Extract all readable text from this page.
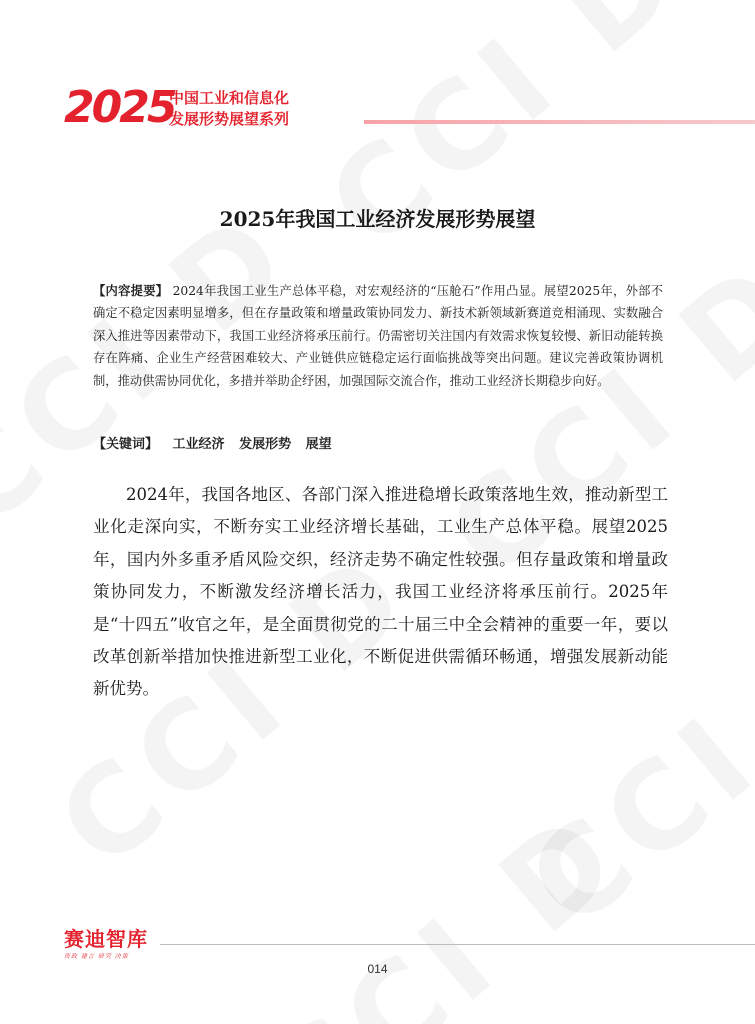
2025
中国工业和信息化
发展形势展望系列
2025年我国工业经济发展形势展望
【内容提要】 2024年我国工业生产总体平稳，对宏观经济的“压舱石”作用凸显。展望2025年，外部不确定不稳定因素明显增多，但在存量政策和增量政策协同发力、新技术新领域新赛道竞相涌现、实数融合深入推进等因素带动下，我国工业经济将承压前行。仍需密切关注国内有效需求恢复较慢、新旧动能转换存在阵痛、企业生产经营困难较大、产业链供应链稳定运行面临挑战等突出问题。建议完善政策协调机制，推动供需协同优化，多措并举助企纾困，加强国际交流合作，推动工业经济长期稳步向好。
【关键词】 工业经济 发展形势 展望
2024年，我国各地区、各部门深入推进稳增长政策落地生效，推动新型工业化走深向实，不断夯实工业经济增长基础，工业生产总体平稳。展望2025年，国内外多重矛盾风险交织，经济走势不确定性较强。但存量政策和增量政策协同发力，不断激发经济增长活力，我国工业经济将承压前行。2025年是“十四五”收官之年，是全面贯彻党的二十届三中全会精神的重要一年，要以改革创新举措加快推进新型工业化，不断促进供需循环畅通，增强发展新动能新优势。
赛迪智库
资政 建言 研究 决策
014
